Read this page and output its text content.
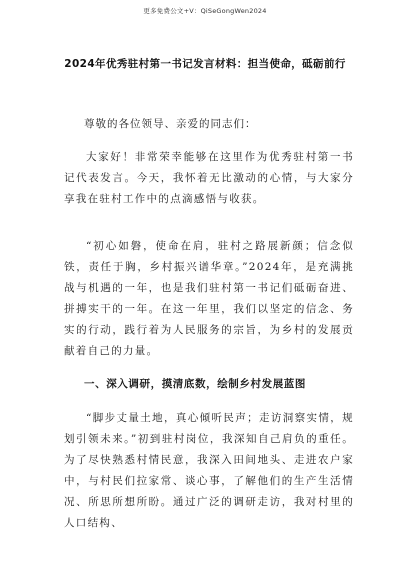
更多免费公文+V：QiSeGongWen2024
2024年优秀驻村第一书记发言材料：担当使命，砥砺前行
尊敬的各位领导、亲爱的同志们：
大家好！非常荣幸能够在这里作为优秀驻村第一书记代表发言。今天，我怀着无比激动的心情，与大家分享我在驻村工作中的点滴感悟与收获。
“初心如磐，使命在肩，驻村之路展新颜；信念似铁，责任于胸，乡村振兴谱华章。”2024年，是充满挑战与机遇的一年，也是我们驻村第一书记们砥砺奋进、拼搏实干的一年。在这一年里，我们以坚定的信念、务实的行动，践行着为人民服务的宗旨，为乡村的发展贡献着自己的力量。
一、深入调研，摸清底数，绘制乡村发展蓝图
“脚步丈量土地，真心倾听民声；走访洞察实情，规划引领未来。”初到驻村岗位，我深知自己肩负的重任。为了尽快熟悉村情民意，我深入田间地头、走进农户家中，与村民们拉家常、谈心事，了解他们的生产生活情况、所思所想所盼。通过广泛的调研走访，我对村里的人口结构、
